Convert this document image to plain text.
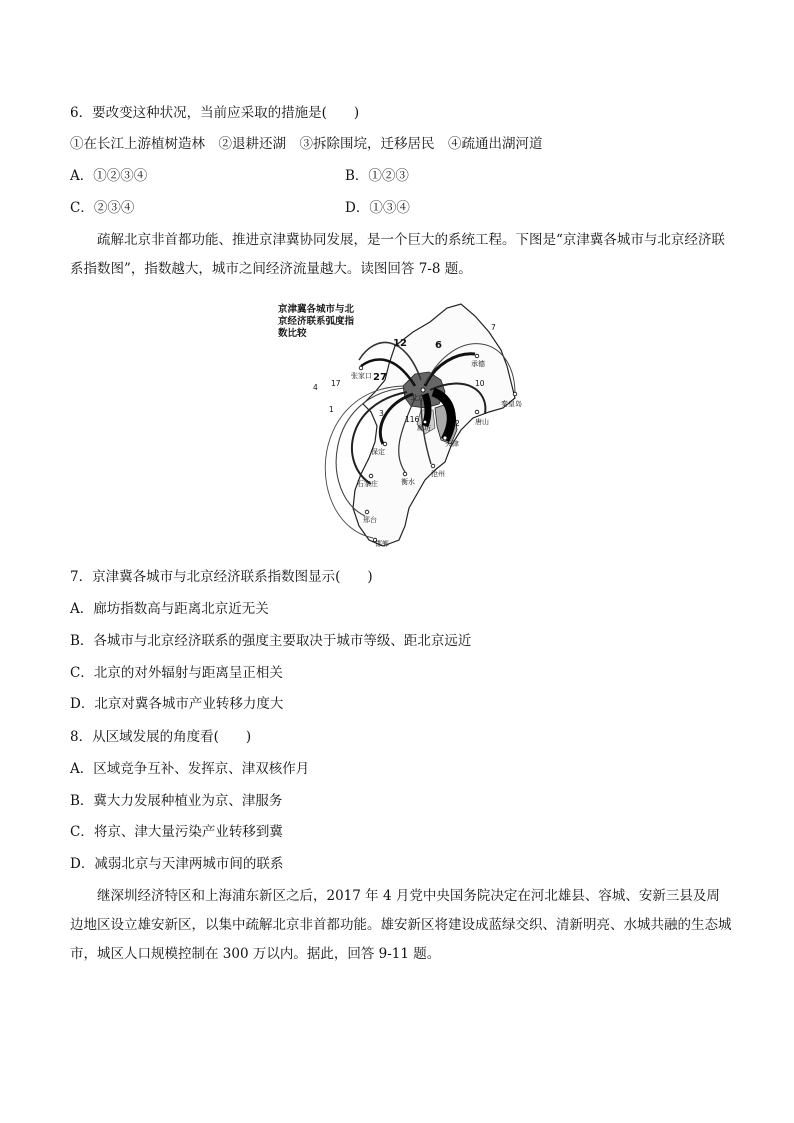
6．要改变这种状况，当前应采取的措施是(　　)
①在长江上游植树造林　②退耕还湖　③拆除围垸，迁移居民　④疏通出湖河道
A．①②③④	B．①②③
C．②③④	D．①③④
疏解北京非首都功能、推进京津冀协同发展，是一个巨大的系统工程。下图是“京津冀各城市与北京经济联系指数图”，指数越大，城市之间经济流量越大。读图回答 7-8 题。
京津冀各城市与北京经济联系弧度指数比较
北京
天津
廊坊
唐山
承德
秦皇岛
张家口
保定
沧州
石家庄	衡水
邢台
邯郸
12	6
7
10
27
17
4
1	3
116	2
7．京津冀各城市与北京经济联系指数图显示(　　)
A．廊坊指数高与距离北京近无关
B．各城市与北京经济联系的强度主要取决于城市等级、距北京远近
C．北京的对外辐射与距离呈正相关
D．北京对冀各城市产业转移力度大
8．从区域发展的角度看(　　)
A．区域竞争互补、发挥京、津双核作月
B．冀大力发展种植业为京、津服务
C．将京、津大量污染产业转移到冀
D．减弱北京与天津两城市间的联系
继深圳经济特区和上海浦东新区之后，2017 年 4 月党中央国务院决定在河北雄县、容城、安新三县及周边地区设立雄安新区，以集中疏解北京非首都功能。雄安新区将建设成蓝绿交织、清新明亮、水城共融的生态城市，城区人口规模控制在 300 万以内。据此，回答 9-11 题。
